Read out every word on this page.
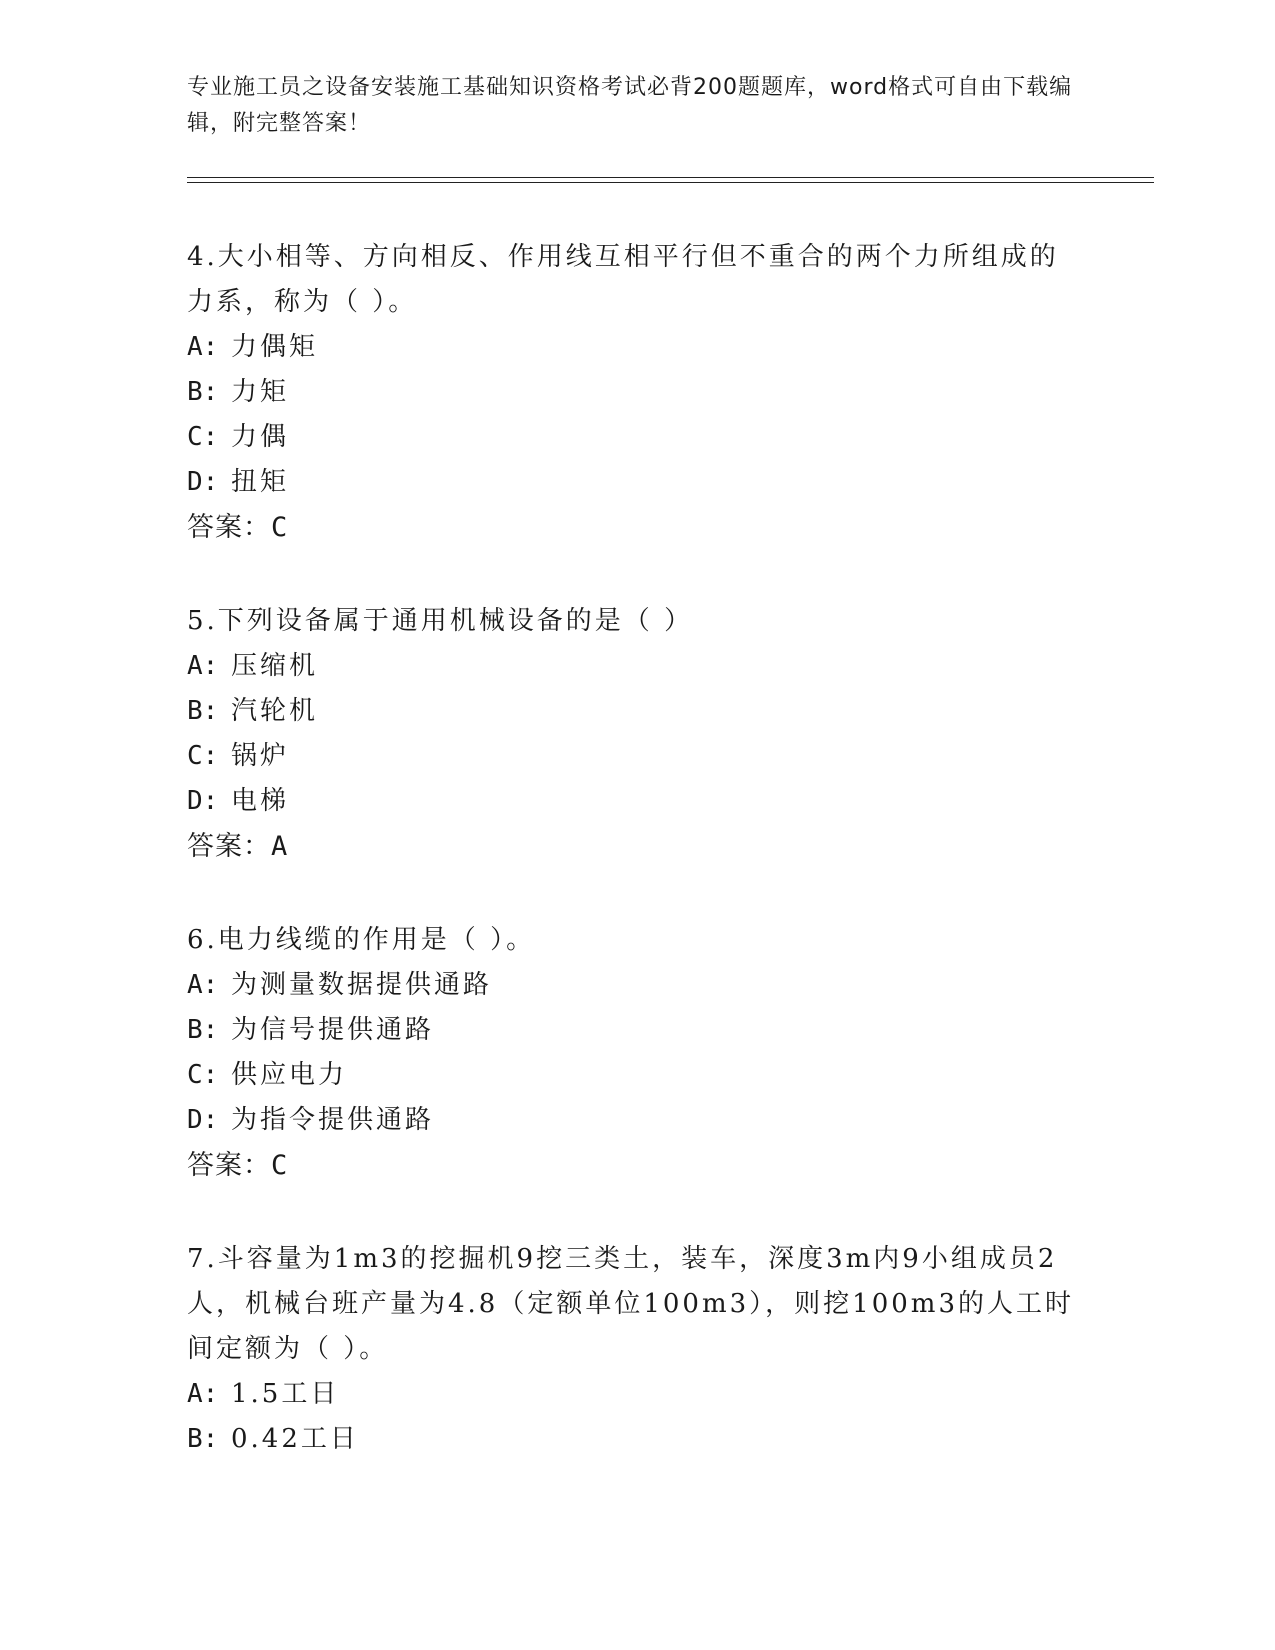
专业施工员之设备安装施工基础知识资格考试必背200题题库，word格式可自由下载编辑，附完整答案！

4.大小相等、方向相反、作用线互相平行但不重合的两个力所组成的力系，称为（ ）。

A: 力偶矩

B: 力矩

C: 力偶

D: 扭矩

答案：C

5.下列设备属于通用机械设备的是（ ）

A: 压缩机

B: 汽轮机

C: 锅炉

D: 电梯

答案：A

6.电力线缆的作用是（ ）。

A: 为测量数据提供通路

B: 为信号提供通路

C: 供应电力

D: 为指令提供通路

答案：C

7.斗容量为1m3的挖掘机9挖三类土，装车，深度3m内9小组成员2人，机械台班产量为4.8（定额单位100m3），则挖100m3的人工时间定额为（ ）。

A: 1.5工日

B: 0.42工日
